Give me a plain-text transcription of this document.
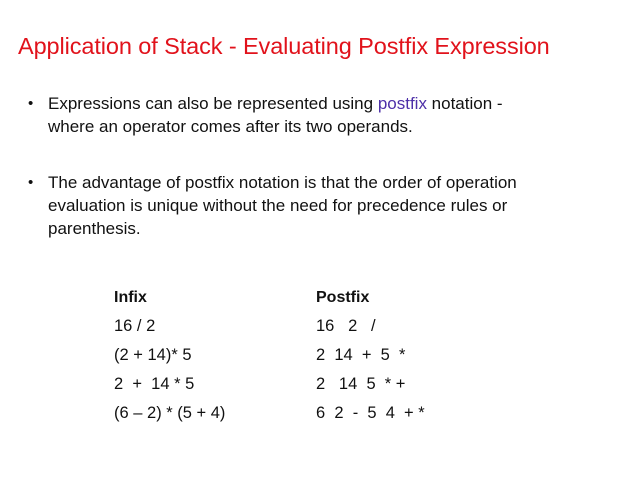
Application of Stack - Evaluating Postfix Expression
• Expressions can also be represented using postfix notation -
where an operator comes after its two operands.
• The advantage of postfix notation is that the order of operation
evaluation is unique without the need for precedence rules or
parenthesis.
Infix	Postfix
16 / 2	16   2   /
(2 + 14)* 5	2  14  +  5  *
2  +  14 * 5	2   14  5  * +
(6 – 2) * (5 + 4)	6  2  -  5  4  + *
